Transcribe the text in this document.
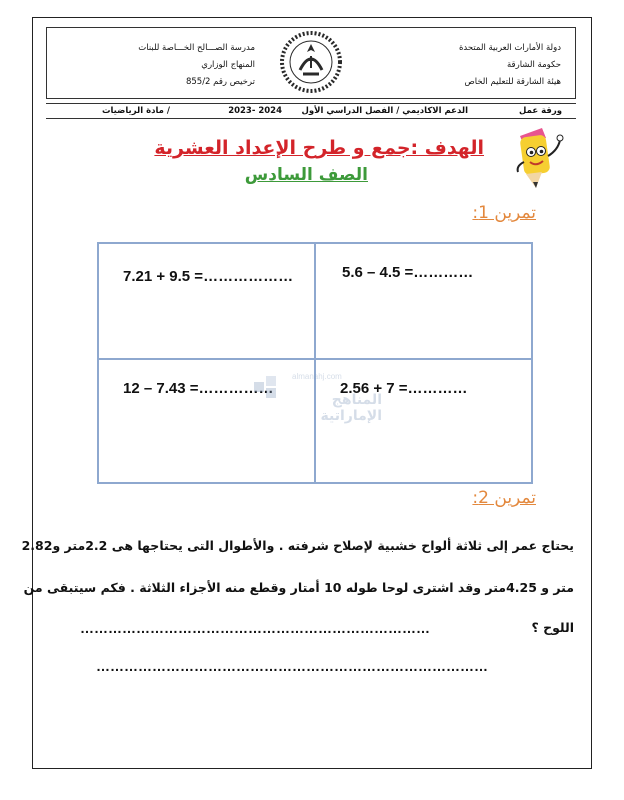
دولة الأمارات العربية المتحدة
حكومة الشارقة
هيئة الشارقة للتعليم الخاص
مدرسة الصـــالح الخـــاصة للبنات
المنهاج الوزاري
ترخيص رقم 855/2
ورقة عمل
الدعم الاكاديمي / الفصل الدراسي الأول
2023- 2024
/ مادة الرياضيات
الهدف :جمع و طرح الإعداد العشرية
الصف السادس
تمرين 1:
7.21 + 9.5 =………………	5.6 – 4.5 =…………
12 – 7.43 =……………	2.56 + 7 =…………
almanahj.com
المناهج الإماراتية
تمرين 2:
يحتاج عمر إلى ثلاثة ألواح خشبية لإصلاح شرفته . والأطوال التى يحتاجها هى 2.2متر و2.82
متر و 4.25متر وقد اشترى لوحا طوله 10 أمتار وقطع منه الأجزاء الثلاثة . فكم سيتبقى من
اللوح ؟
…………………………………………………………………
…………………………………………………………………………
